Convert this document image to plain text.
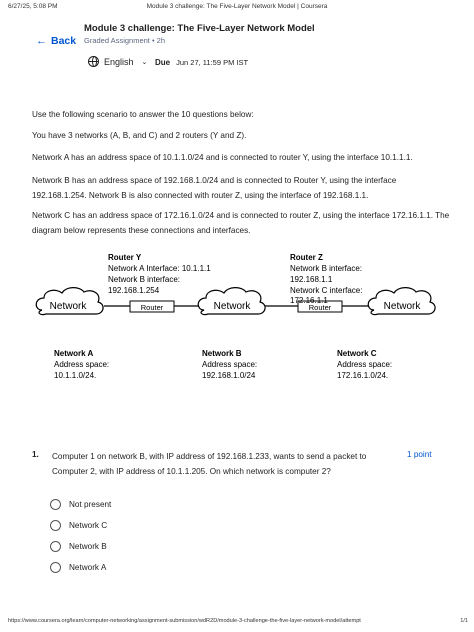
6/27/25, 5:08 PM	Module 3 challenge: The Five-Layer Network Model | Coursera
← Back
Module 3 challenge: The Five-Layer Network Model
Graded Assignment • 2h
English ⌄ Due Jun 27, 11:59 PM IST
Use the following scenario to answer the 10 questions below:
You have 3 networks (A, B, and C) and 2 routers (Y and Z).
Network A has an address space of 10.1.1.0/24 and is connected to router Y, using the interface 10.1.1.1.
Network B has an address space of 192.168.1.0/24 and is connected to Router Y, using the interface 192.168.1.254. Network B is also connected with router Z, using the interface of 192.168.1.1.
Network C has an address space of 172.16.1.0/24 and is connected to router Z, using the interface 172.16.1.1. The diagram below represents these connections and interfaces.
Network	Network	Network
Router	Router
Router Y
Network A Interface: 10.1.1.1
Network B interface:
192.168.1.254
Router Z
Network B interface:
192.168.1.1
Network C interface:
172.16.1.1
Network A
Address space:
10.1.1.0/24.
Network B
Address space:
192.168.1.0/24
Network C
Address space:
172.16.1.0/24.
1. Computer 1 on network B, with IP address of 192.168.1.233, wants to send a packet to Computer 2, with IP address of 10.1.1.205. On which network is computer 2?
1 point
Not present
Network C
Network B
Network A
https://www.coursera.org/learn/computer-networking/assignment-submission/wdR2D/module-3-challenge-the-five-layer-network-model/attempt	1/1
